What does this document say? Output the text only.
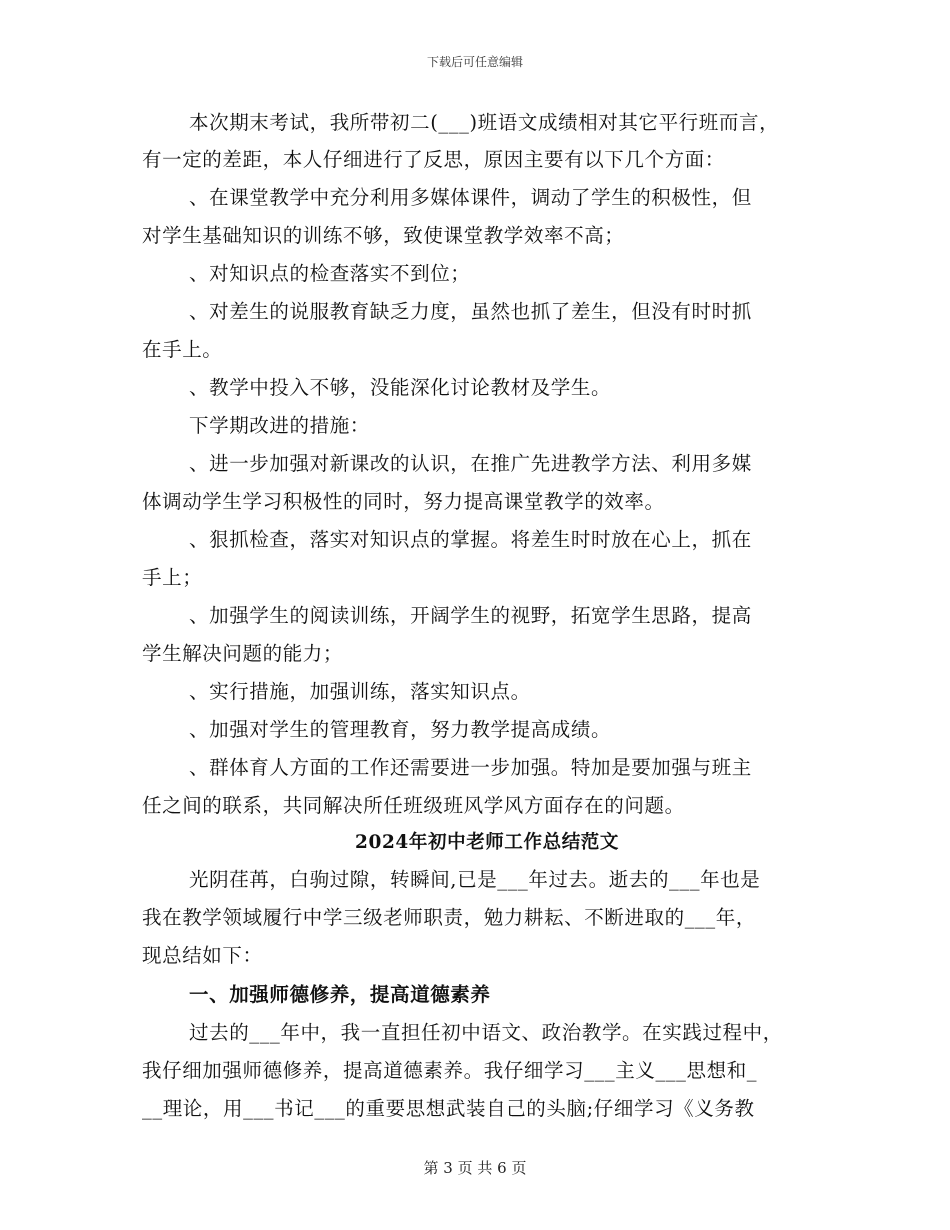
下载后可任意编辑
本次期末考试，我所带初二(___)班语文成绩相对其它平行班而言，
有一定的差距，本人仔细进行了反思，原因主要有以下几个方面：
、在课堂教学中充分利用多媒体课件，调动了学生的积极性，但
对学生基础知识的训练不够，致使课堂教学效率不高；
、对知识点的检查落实不到位；
、对差生的说服教育缺乏力度，虽然也抓了差生，但没有时时抓
在手上。
、教学中投入不够，没能深化讨论教材及学生。
下学期改进的措施：
、进一步加强对新课改的认识，在推广先进教学方法、利用多媒
体调动学生学习积极性的同时，努力提高课堂教学的效率。
、狠抓检查，落实对知识点的掌握。将差生时时放在心上，抓在
手上；
、加强学生的阅读训练，开阔学生的视野，拓宽学生思路，提高
学生解决问题的能力；
、实行措施，加强训练，落实知识点。
、加强对学生的管理教育，努力教学提高成绩。
、群体育人方面的工作还需要进一步加强。特加是要加强与班主
任之间的联系，共同解决所任班级班风学风方面存在的问题。
2024年初中老师工作总结范文
光阴荏苒，白驹过隙，转瞬间,已是___年过去。逝去的___年也是
我在教学领域履行中学三级老师职责，勉力耕耘、不断进取的___年，
现总结如下：
一、加强师德修养，提高道德素养
过去的___年中，我一直担任初中语文、政治教学。在实践过程中，
我仔细加强师德修养，提高道德素养。我仔细学习___主义___思想和_
__理论，用___书记___的重要思想武装自己的头脑;仔细学习《义务教
第 3 页 共 6 页
